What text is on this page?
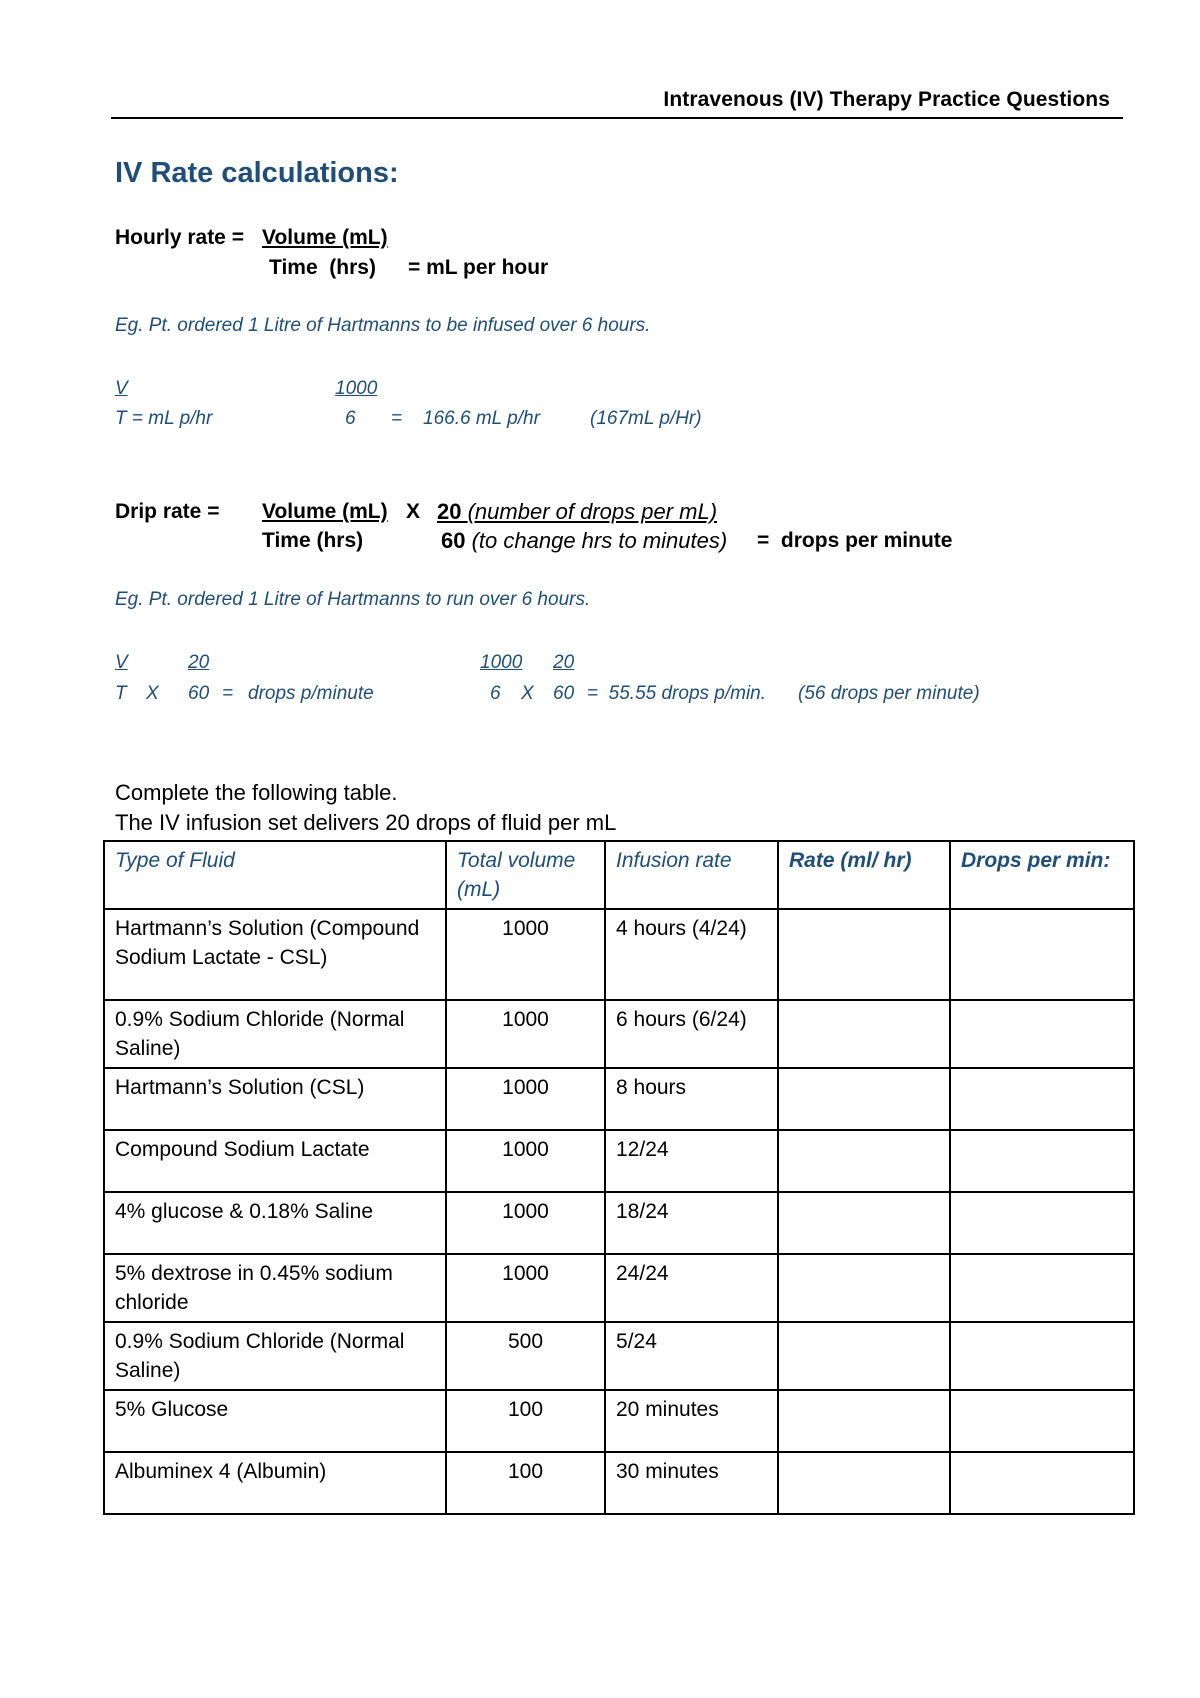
Intravenous (IV) Therapy Practice Questions
IV Rate calculations:
Hourly rate = Volume (mL)
Time  (hrs) = mL per hour
Eg. Pt. ordered 1 Litre of Hartmanns to be infused over 6 hours.
V	1000
T = mL p/hr	6 = 166.6 mL p/hr	(167mL p/Hr)
Drip rate = Volume (mL) X 20 (number of drops per mL)
Time (hrs)	60 (to change hrs to minutes) =  drops per minute
Eg. Pt. ordered 1 Litre of Hartmanns to run over 6 hours.
V	20
T X 60 = drops p/minute
1000 20
6 X 60 =  55.55 drops p/min. (56 drops per minute)
Complete the following table.
The IV infusion set delivers 20 drops of fluid per mL
Type of Fluid	Total volume (mL)	Infusion rate	Rate (ml/ hr)	Drops per min:
Hartmann’s Solution (Compound Sodium Lactate - CSL)	1000	4 hours (4/24)		
0.9% Sodium Chloride (Normal Saline)	1000	6 hours (6/24)		
Hartmann’s Solution (CSL)	1000	8 hours		
Compound Sodium Lactate	1000	12/24		
4% glucose & 0.18% Saline	1000	18/24		
5% dextrose in 0.45% sodium chloride	1000	24/24		
0.9% Sodium Chloride (Normal Saline)	500	5/24		
5% Glucose	100	20 minutes		
Albuminex 4 (Albumin)	100	30 minutes		
